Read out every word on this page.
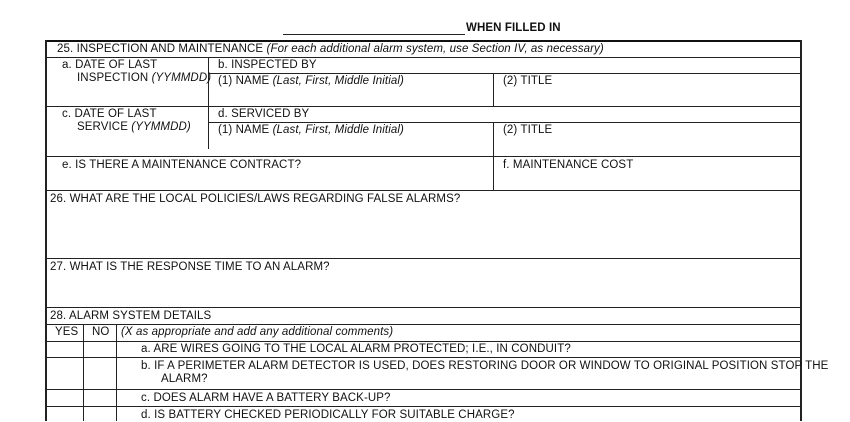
WHEN FILLED IN
25. INSPECTION AND MAINTENANCE (For each additional alarm system, use Section IV, as necessary)
a. DATE OF LAST
INSPECTION (YYMMDD)
b. INSPECTED BY
(1) NAME (Last, First, Middle Initial)	(2) TITLE
c. DATE OF LAST
SERVICE (YYMMDD)
d. SERVICED BY
(1) NAME (Last, First, Middle Initial)	(2) TITLE
e. IS THERE A MAINTENANCE CONTRACT?	f. MAINTENANCE COST
26. WHAT ARE THE LOCAL POLICIES/LAWS REGARDING FALSE ALARMS?
27. WHAT IS THE RESPONSE TIME TO AN ALARM?
28. ALARM SYSTEM DETAILS
YES NO (X as appropriate and add any additional comments)
a. ARE WIRES GOING TO THE LOCAL ALARM PROTECTED; I.E., IN CONDUIT?
b. IF A PERIMETER ALARM DETECTOR IS USED, DOES RESTORING DOOR OR WINDOW TO ORIGINAL POSITION STOP THE
ALARM?
c. DOES ALARM HAVE A BATTERY BACK-UP?
d. IS BATTERY CHECKED PERIODICALLY FOR SUITABLE CHARGE?
